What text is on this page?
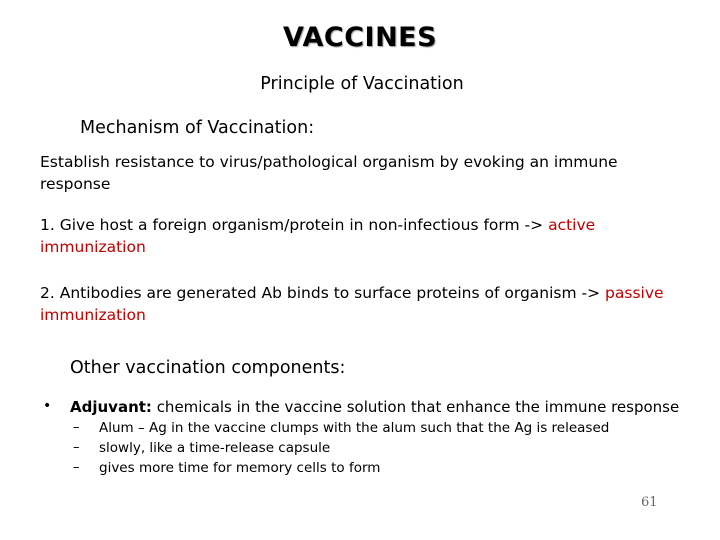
VACCINES
Principle of Vaccination
Mechanism of Vaccination:
Establish resistance to virus/pathological organism by evoking an immune response
1. Give host a foreign organism/protein in non-infectious form -> active immunization
2. Antibodies are generated Ab binds to surface proteins of organism -> passive immunization
Other vaccination components:
• Adjuvant: chemicals in the vaccine solution that enhance the immune response
– Alum – Ag in the vaccine clumps with the alum such that the Ag is released
– slowly, like a time-release capsule
– gives more time for memory cells to form
61
